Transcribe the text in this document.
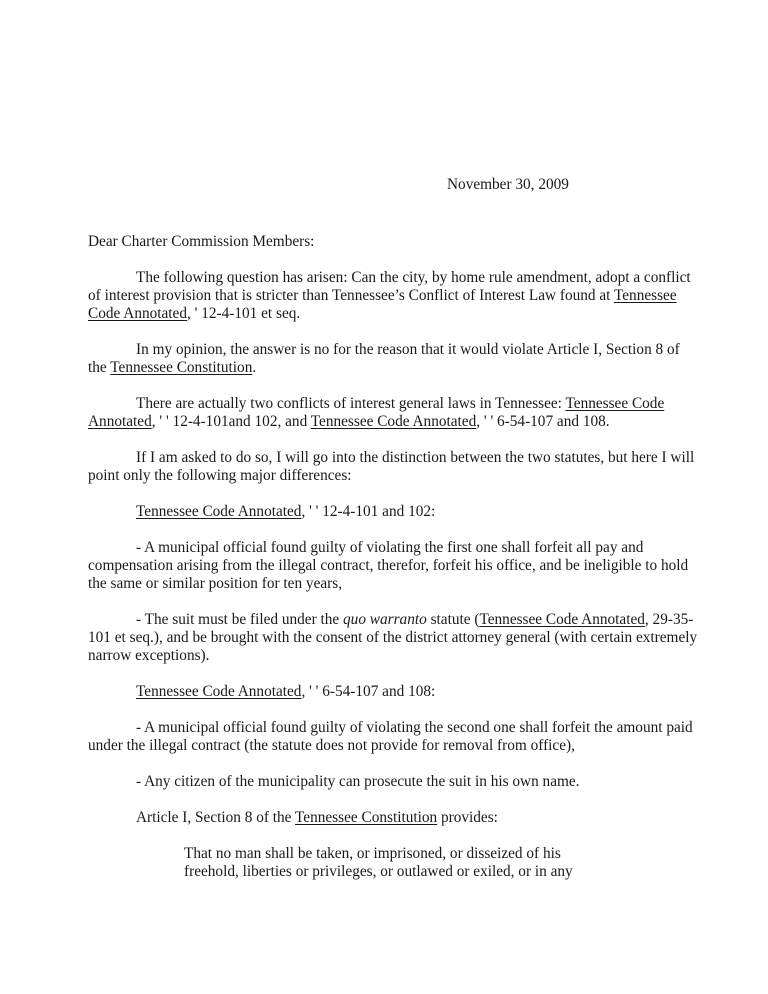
November 30, 2009

Dear Charter Commission Members:

The following question has arisen: Can the city, by home rule amendment, adopt a conflict of interest provision that is stricter than Tennessee’s Conflict of Interest Law found at Tennessee Code Annotated, ' 12-4-101 et seq.

In my opinion, the answer is no for the reason that it would violate Article I, Section 8 of the Tennessee Constitution.

There are actually two conflicts of interest general laws in Tennessee: Tennessee Code Annotated, ' ' 12-4-101and 102, and Tennessee Code Annotated, ' ' 6-54-107 and 108.

If I am asked to do so, I will go into the distinction between the two statutes, but here I will point only the following major differences:

Tennessee Code Annotated, ' ' 12-4-101 and 102:

- A municipal official found guilty of violating the first one shall forfeit all pay and compensation arising from the illegal contract, therefor, forfeit his office, and be ineligible to hold the same or similar position for ten years,

- The suit must be filed under the quo warranto statute (Tennessee Code Annotated, 29-35-101 et seq.), and be brought with the consent of the district attorney general (with certain extremely narrow exceptions).

Tennessee Code Annotated, ' ' 6-54-107 and 108:

- A municipal official found guilty of violating the second one shall forfeit the amount paid under the illegal contract (the statute does not provide for removal from office),

- Any citizen of the municipality can prosecute the suit in his own name.

Article I, Section 8 of the Tennessee Constitution provides:

That no man shall be taken, or imprisoned, or disseized of his freehold, liberties or privileges, or outlawed or exiled, or in any
